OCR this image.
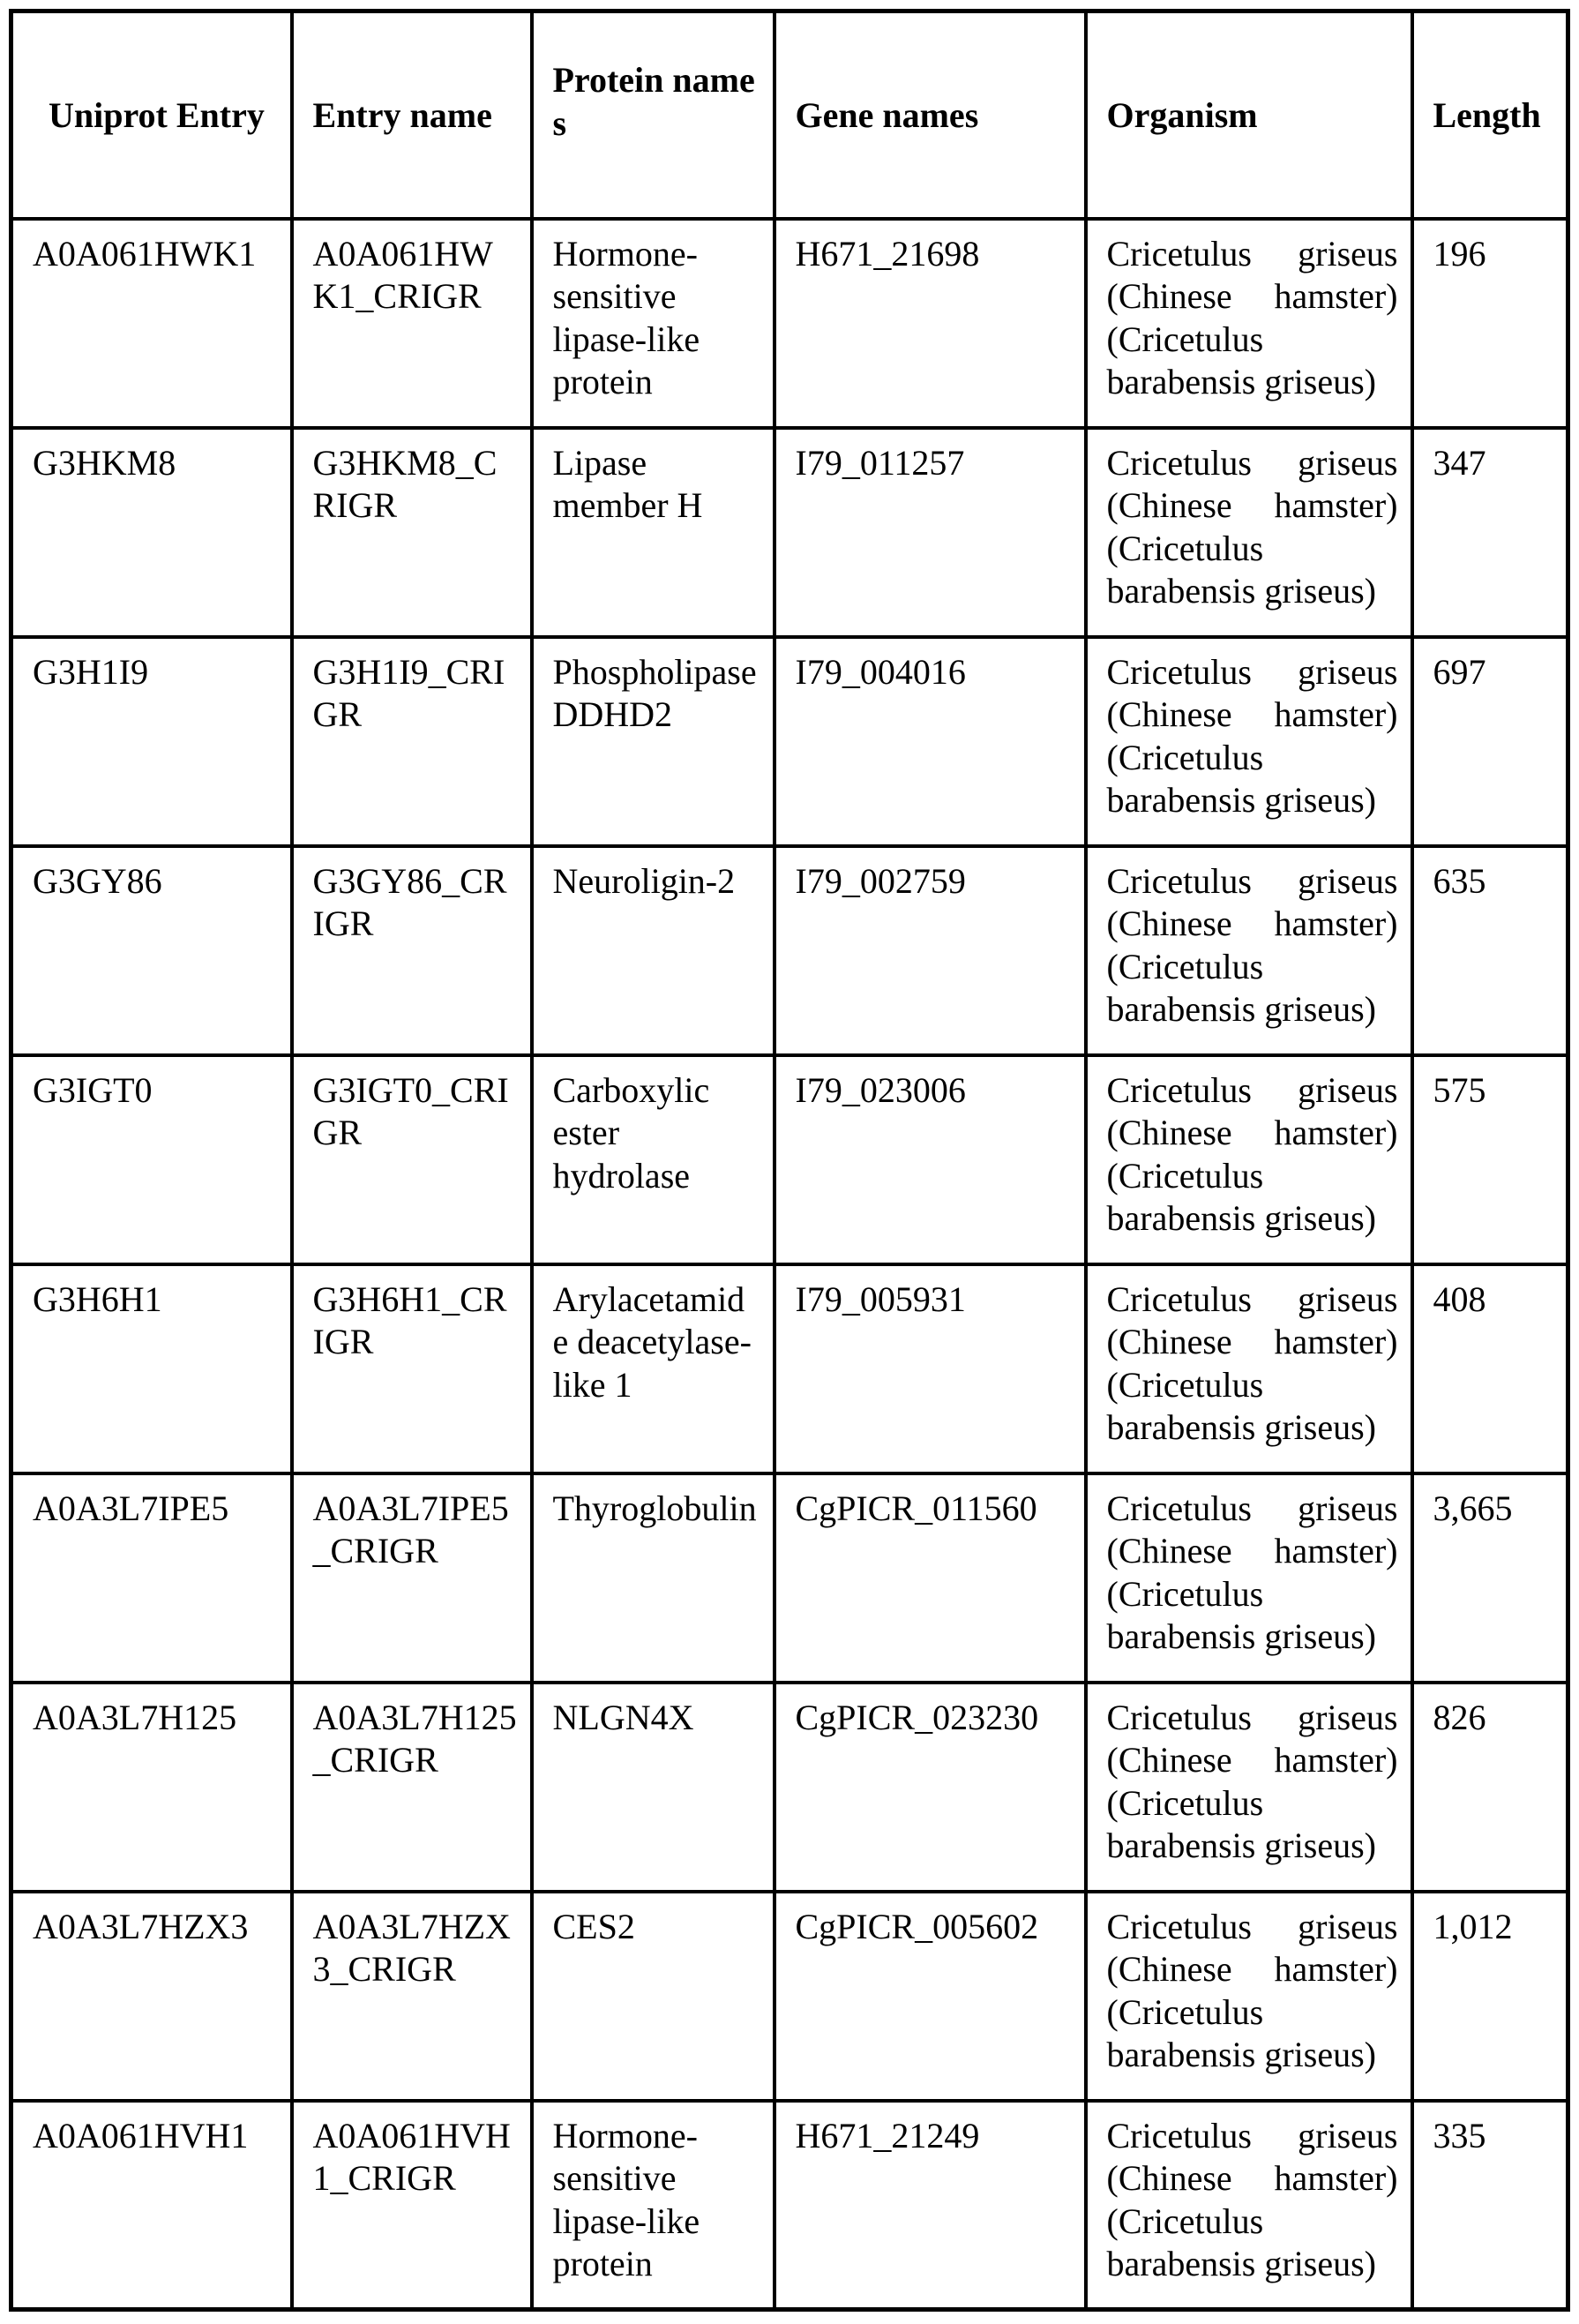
Uniprot Entry	Entry name	Protein names	Gene names	Organism	Length
A0A061HWK1	A0A061HWK1_CRIGR	Hormone-sensitive lipase-like protein	H671_21698	Cricetulus griseus (Chinese hamster) (Cricetulus barabensis griseus)	196
G3HKM8	G3HKM8_CRIGR	Lipase member H	I79_011257	Cricetulus griseus (Chinese hamster) (Cricetulus barabensis griseus)	347
G3H1I9	G3H1I9_CRIGR	Phospholipase DDHD2	I79_004016	Cricetulus griseus (Chinese hamster) (Cricetulus barabensis griseus)	697
G3GY86	G3GY86_CRIGR	Neuroligin-2	I79_002759	Cricetulus griseus (Chinese hamster) (Cricetulus barabensis griseus)	635
G3IGT0	G3IGT0_CRIGR	Carboxylic ester hydrolase	I79_023006	Cricetulus griseus (Chinese hamster) (Cricetulus barabensis griseus)	575
G3H6H1	G3H6H1_CRIGR	Arylacetamide deacetylase-like 1	I79_005931	Cricetulus griseus (Chinese hamster) (Cricetulus barabensis griseus)	408
A0A3L7IPE5	A0A3L7IPE5_CRIGR	Thyroglobulin	CgPICR_011560	Cricetulus griseus (Chinese hamster) (Cricetulus barabensis griseus)	3,665
A0A3L7H125	A0A3L7H125_CRIGR	NLGN4X	CgPICR_023230	Cricetulus griseus (Chinese hamster) (Cricetulus barabensis griseus)	826
A0A3L7HZX3	A0A3L7HZX3_CRIGR	CES2	CgPICR_005602	Cricetulus griseus (Chinese hamster) (Cricetulus barabensis griseus)	1,012
A0A061HVH1	A0A061HVH1_CRIGR	Hormone-sensitive lipase-like protein	H671_21249	Cricetulus griseus (Chinese hamster) (Cricetulus barabensis griseus)	335
